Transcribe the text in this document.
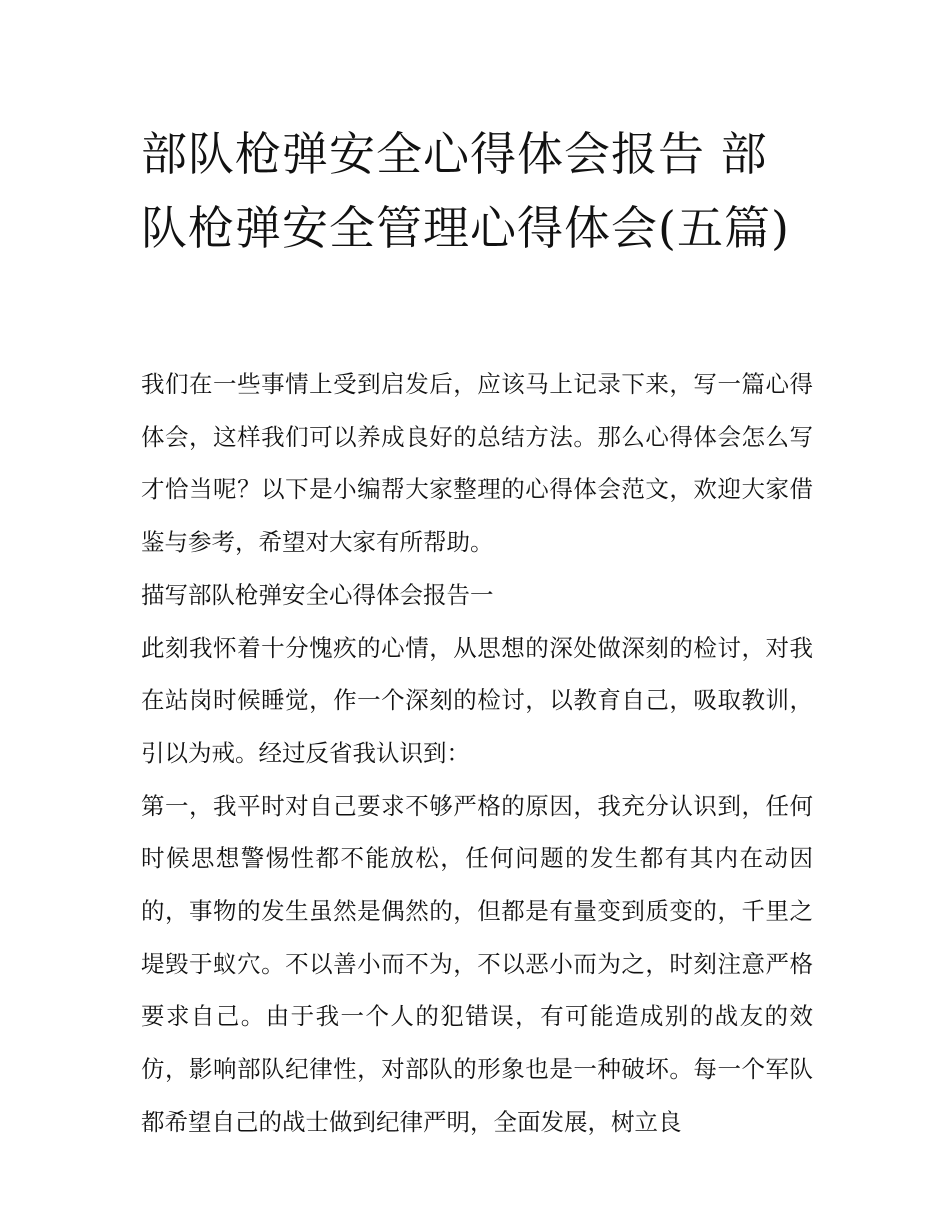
部队枪弹安全心得体会报告 部队枪弹安全管理心得体会(五篇)

我们在一些事情上受到启发后，应该马上记录下来，写一篇心得体会，这样我们可以养成良好的总结方法。那么心得体会怎么写才恰当呢？以下是小编帮大家整理的心得体会范文，欢迎大家借鉴与参考，希望对大家有所帮助。

描写部队枪弹安全心得体会报告一

此刻我怀着十分愧疚的心情，从思想的深处做深刻的检讨，对我在站岗时候睡觉，作一个深刻的检讨，以教育自己，吸取教训，引以为戒。经过反省我认识到：

第一，我平时对自己要求不够严格的原因，我充分认识到，任何时候思想警惕性都不能放松，任何问题的发生都有其内在动因的，事物的发生虽然是偶然的，但都是有量变到质变的，千里之堤毁于蚁穴。不以善小而不为，不以恶小而为之，时刻注意严格要求自己。由于我一个人的犯错误，有可能造成别的战友的效仿，影响部队纪律性，对部队的形象也是一种破坏。每一个军队都希望自己的战士做到纪律严明，全面发展，树立良
